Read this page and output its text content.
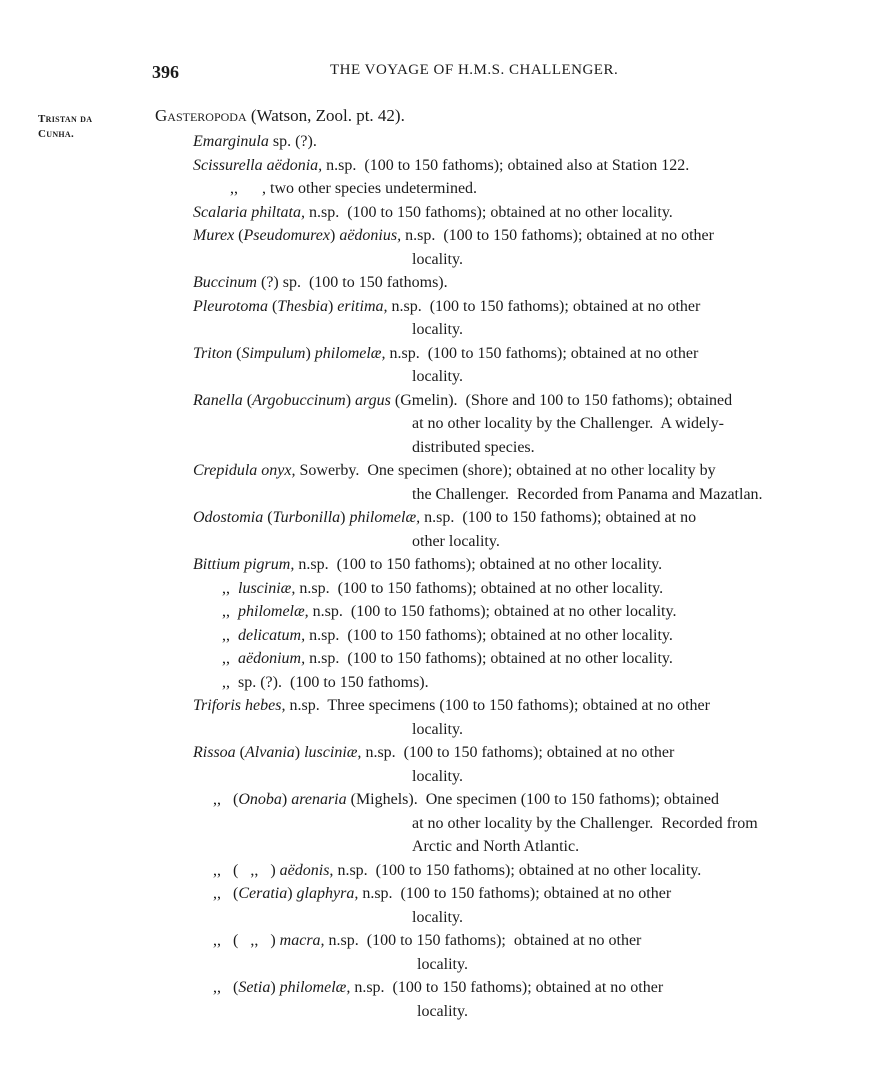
396	THE VOYAGE OF H.M.S. CHALLENGER.
Tristan da
Cunha.
Gasteropoda (Watson, Zool. pt. 42).
Emarginula sp. (?).
Scissurella aëdonia, n.sp.  (100 to 150 fathoms); obtained also at Station 122.
,,      , two other species undetermined.
Scalaria philtata, n.sp.  (100 to 150 fathoms); obtained at no other locality.
Murex (Pseudomurex) aëdonius, n.sp.  (100 to 150 fathoms); obtained at no other
locality.
Buccinum (?) sp.  (100 to 150 fathoms).
Pleurotoma (Thesbia) eritima, n.sp.  (100 to 150 fathoms); obtained at no other
locality.
Triton (Simpulum) philomelæ, n.sp.  (100 to 150 fathoms); obtained at no other
locality.
Ranella (Argobuccinum) argus (Gmelin).  (Shore and 100 to 150 fathoms); obtained
at no other locality by the Challenger.  A widely-
distributed species.
Crepidula onyx, Sowerby.  One specimen (shore); obtained at no other locality by
the Challenger.  Recorded from Panama and Mazatlan.
Odostomia (Turbonilla) philomelæ, n.sp.  (100 to 150 fathoms); obtained at no
other locality.
Bittium pigrum, n.sp.  (100 to 150 fathoms); obtained at no other locality.
,,  lusciniæ, n.sp.  (100 to 150 fathoms); obtained at no other locality.
,,  philomelæ, n.sp.  (100 to 150 fathoms); obtained at no other locality.
,,  delicatum, n.sp.  (100 to 150 fathoms); obtained at no other locality.
,,  aëdonium, n.sp.  (100 to 150 fathoms); obtained at no other locality.
,,  sp. (?).  (100 to 150 fathoms).
Triforis hebes, n.sp.  Three specimens (100 to 150 fathoms); obtained at no other
locality.
Rissoa (Alvania) lusciniæ, n.sp.  (100 to 150 fathoms); obtained at no other
locality.
,,   (Onoba) arenaria (Mighels).  One specimen (100 to 150 fathoms); obtained
at no other locality by the Challenger.  Recorded from
Arctic and North Atlantic.
,,   (   ,,   ) aëdonis, n.sp.  (100 to 150 fathoms); obtained at no other locality.
,,   (Ceratia) glaphyra, n.sp.  (100 to 150 fathoms); obtained at no other
locality.
,,   (   ,,   ) macra, n.sp.  (100 to 150 fathoms);  obtained at no other
locality.
,,   (Setia) philomelæ, n.sp.  (100 to 150 fathoms); obtained at no other
locality.
